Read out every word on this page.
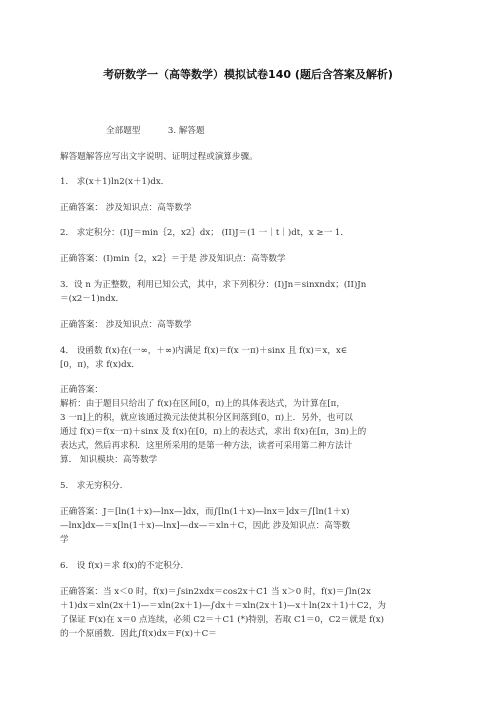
考研数学一（高等数学）模拟试卷140 (题后含答案及解析)
全部题型	3. 解答题
解答题解答应写出文字说明、证明过程或演算步骤。
1． 求(x＋1)ln2(x＋1)dx．
正确答案： 涉及知识点：高等数学
2． 求定积分：(I)J＝min｛2，x2｝dx； (II)J＝(1 一｜t｜)dt，x ≥一 1．
正确答案：(Ⅰ)min｛2，x2｝＝于是 涉及知识点：高等数学
3．设 n 为正整数，利用已知公式，其中，求下列积分：(I)Jn＝sinxndx；(II)Jn
＝(x2－1)ndx．
正确答案： 涉及知识点：高等数学
4． 设函数 f(x)在(一∞，＋∞)内满足 f(x)＝f(x 一π)＋sinx 且 f(x)＝x，x∈
[0，π)，求 f(x)dx．
正确答案：
解析：由于题目只给出了 f(x)在区间[0，π)上的具体表达式，为计算在[π，
3 一π]上的积，就应该通过换元法使其积分区间落到[0，π)上．另外，也可以
通过 f(x)＝f(x一π)＋sinx 及 f(x)在[0，π)上的表达式，求出 f(x)在[π，3π)上的
表达式，然后再求积．这里所采用的是第一种方法，读者可采用第二种方法计
算． 知识模块：高等数学
5． 求无穷积分．
正确答案：J＝[ln(1＋x)—lnx—]dx，而∫[ln(1＋x)—lnx＝]dx＝∫[ln(1＋x)
—lnx]dx—＝x[ln(1＋x)—lnx]—dx—＝xln＋C，因此 涉及知识点：高等数
学
6． 设 f(x)＝求 f(x)的不定积分．
正确答案：当 x＜0 时，f(x)＝∫sin2xdx＝cos2x＋C1 当 x＞0 时，f(x)＝∫ln(2x
＋1)dx＝xln(2x＋1)—＝xln(2x＋1)—∫dx＋＝xln(2x＋1)—x＋ln(2x＋1)＋C2，为
了保证 F(x)在 x＝0 点连续，必须 C2＝＋C1 (*)特别，若取 C1＝0，C2＝就是 f(x)
的一个原函数．因此∫f(x)dx＝F(x)＋C＝
